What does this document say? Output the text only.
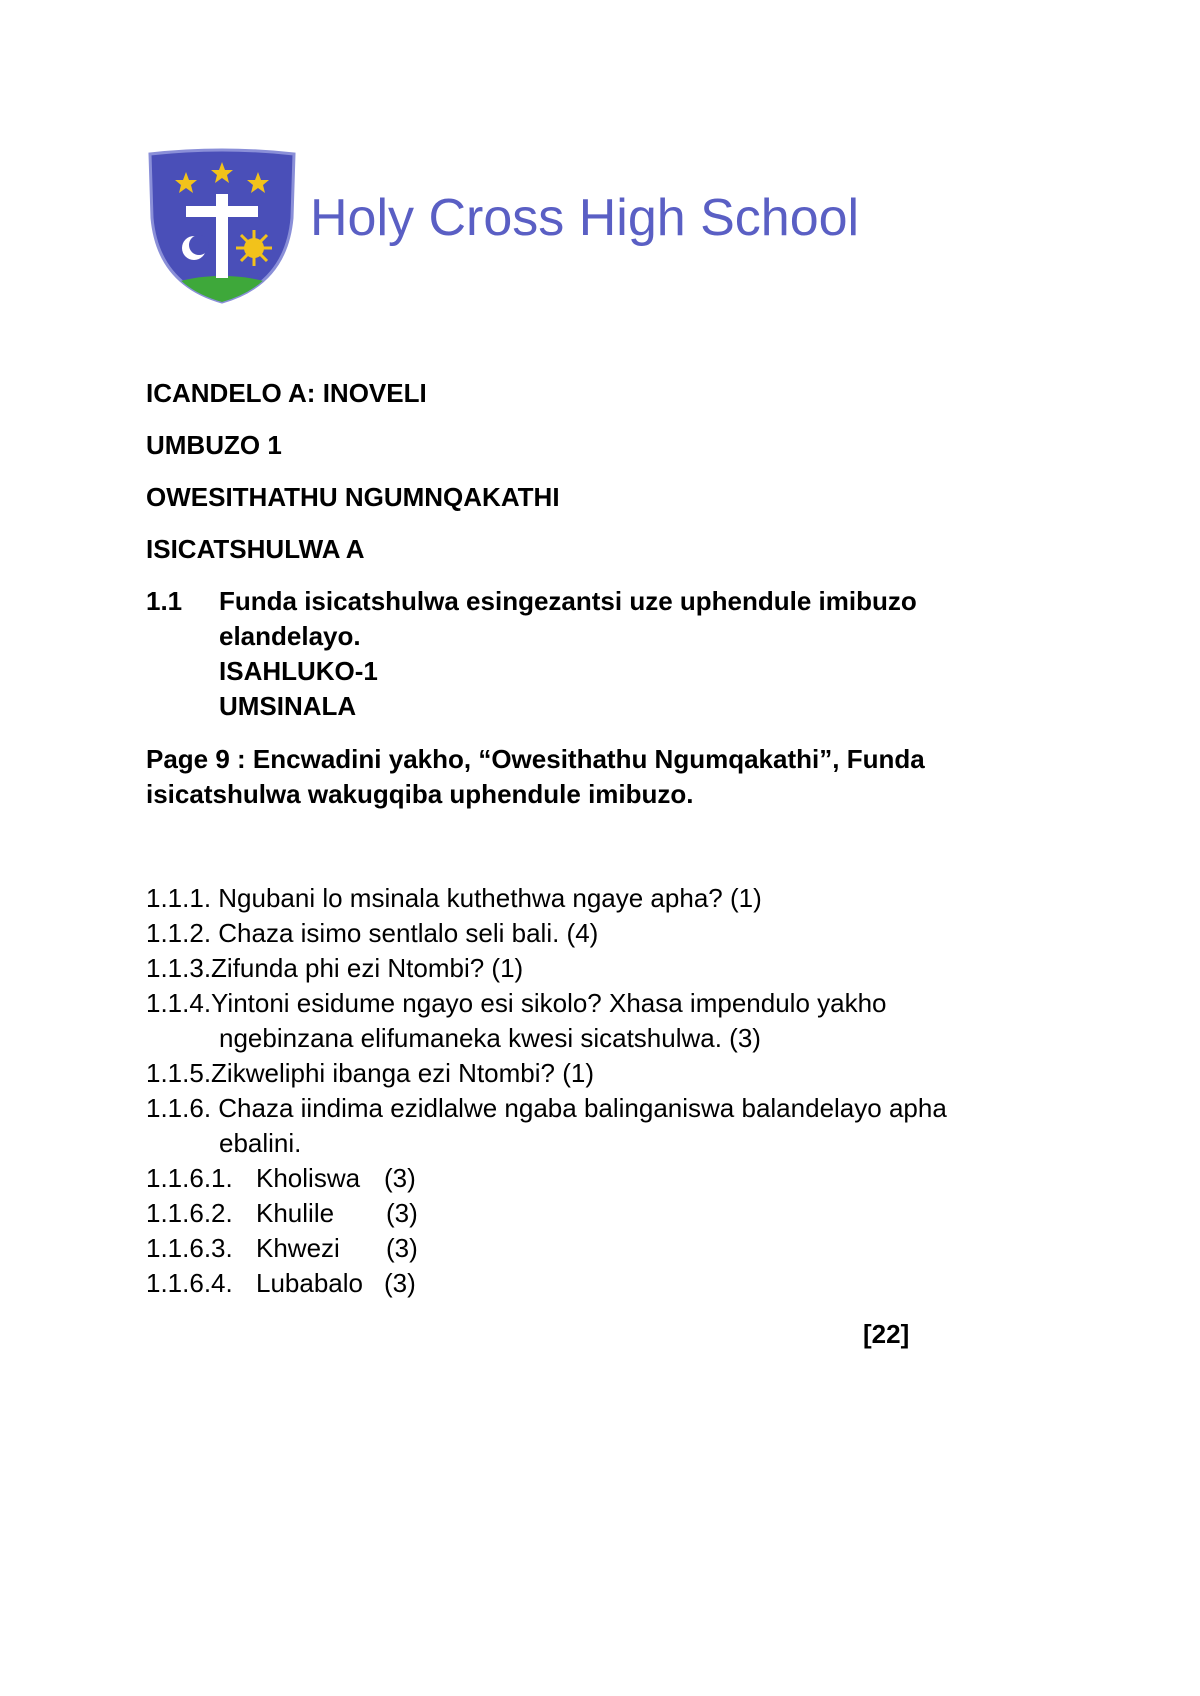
Holy Cross High School
ICANDELO A: INOVELI
UMBUZO 1
OWESITHATHU NGUMNQAKATHI
ISICATSHULWA A
1.1 Funda isicatshulwa esingezantsi uze uphendule imibuzo
elandelayo.
ISAHLUKO-1
UMSINALA
Page 9 : Encwadini yakho, “Owesithathu Ngumqakathi”, Funda
isicatshulwa wakugqiba uphendule imibuzo.
1.1.1. Ngubani lo msinala kuthethwa ngaye apha? (1)
1.1.2. Chaza isimo sentlalo seli bali. (4)
1.1.3.Zifunda phi ezi Ntombi? (1)
1.1.4.Yintoni esidume ngayo esi sikolo? Xhasa impendulo yakho
ngebinzana elifumaneka kwesi sicatshulwa. (3)
1.1.5.Zikweliphi ibanga ezi Ntombi? (1)
1.1.6. Chaza iindima ezidlalwe ngaba balinganiswa balandelayo apha
ebalini.
1.1.6.1. Kholiswa (3)
1.1.6.2. Khulile (3)
1.1.6.3. Khwezi (3)
1.1.6.4. Lubabalo (3)
[22]
